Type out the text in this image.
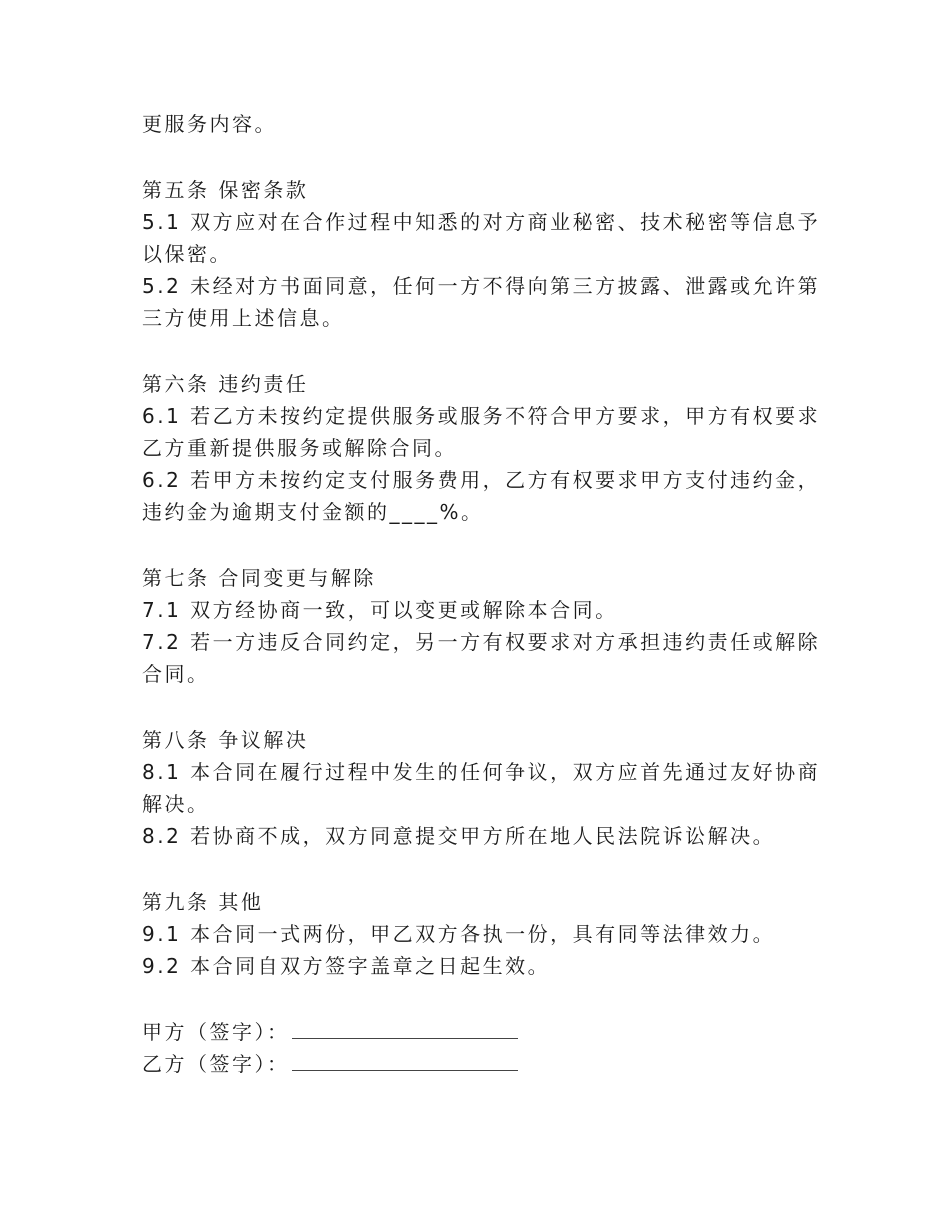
更服务内容。
第五条 保密条款
5.1 双方应对在合作过程中知悉的对方商业秘密、技术秘密等信息予
以保密。
5.2 未经对方书面同意，任何一方不得向第三方披露、泄露或允许第
三方使用上述信息。
第六条 违约责任
6.1 若乙方未按约定提供服务或服务不符合甲方要求，甲方有权要求
乙方重新提供服务或解除合同。
6.2 若甲方未按约定支付服务费用，乙方有权要求甲方支付违约金，
违约金为逾期支付金额的____%。
第七条 合同变更与解除
7.1 双方经协商一致，可以变更或解除本合同。
7.2 若一方违反合同约定，另一方有权要求对方承担违约责任或解除
合同。
第八条 争议解决
8.1 本合同在履行过程中发生的任何争议，双方应首先通过友好协商
解决。
8.2 若协商不成，双方同意提交甲方所在地人民法院诉讼解决。
第九条 其他
9.1 本合同一式两份，甲乙双方各执一份，具有同等法律效力。
9.2 本合同自双方签字盖章之日起生效。
甲方（签字）：
乙方（签字）：
